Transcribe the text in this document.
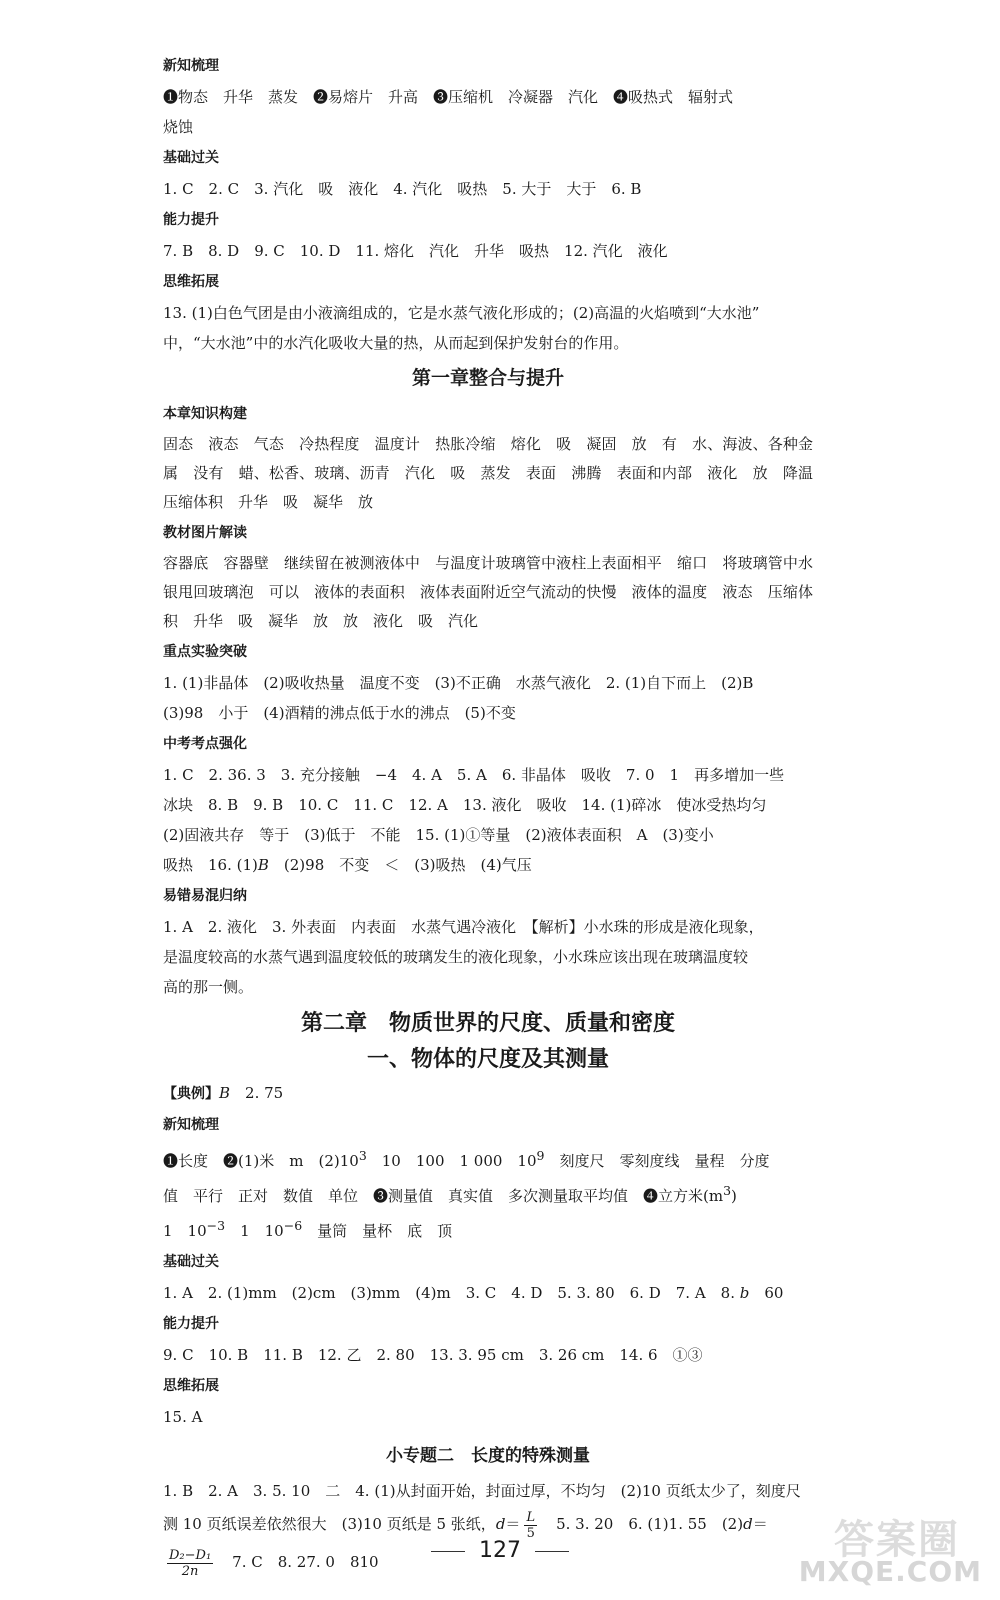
新知梳理

❶物态　升华　蒸发　❷易熔片　升高　❸压缩机　冷凝器　汽化　❹吸热式　辐射式

烧蚀

基础过关

1. C　2. C　3. 汽化　吸　液化　4. 汽化　吸热　5. 大于　大于　6. B

能力提升

7. B　8. D　9. C　10. D　11. 熔化　汽化　升华　吸热　12. 汽化　液化

思维拓展

13. (1)白色气团是由小液滴组成的，它是水蒸气液化形成的；(2)高温的火焰喷到“大水池”

中，“大水池”中的水汽化吸收大量的热，从而起到保护发射台的作用。

第一章整合与提升
本章知识构建

固态　液态　气态　冷热程度　温度计　热胀冷缩　熔化　吸　凝固　放　有　水、海波、各种金属　没有　蜡、松香、玻璃、沥青　汽化　吸　蒸发　表面　沸腾　表面和内部　液化　放　降温　压缩体积　升华　吸　凝华　放

教材图片解读

容器底　容器壁　继续留在被测液体中　与温度计玻璃管中液柱上表面相平　缩口　将玻璃管中水银甩回玻璃泡　可以　液体的表面积　液体表面附近空气流动的快慢　液体的温度　液态　压缩体积　升华　吸　凝华　放　放　液化　吸　汽化

重点实验突破

1. (1)非晶体　(2)吸收热量　温度不变　(3)不正确　水蒸气液化　2. (1)自下而上　(2)B

(3)98　小于　(4)酒精的沸点低于水的沸点　(5)不变

中考考点强化

1. C　2. 36. 3　3. 充分接触　−4　4. A　5. A　6. 非晶体　吸收　7. 0　1　再多增加一些

冰块　8. B　9. B　10. C　11. C　12. A　13. 液化　吸收　14. (1)碎冰　使冰受热均匀

(2)固液共存　等于　(3)低于　不能　15. (1)①等量　(2)液体表面积　A　(3)变小

吸热　16. (1)B　(2)98　不变　＜　(3)吸热　(4)气压

易错易混归纳

1. A　2. 液化　3. 外表面　内表面　水蒸气遇冷液化　【解析】小水珠的形成是液化现象，

是温度较高的水蒸气遇到温度较低的玻璃发生的液化现象，小水珠应该出现在玻璃温度较

高的那一侧。

第二章　物质世界的尺度、质量和密度
一、物体的尺度及其测量

【典例】B　2. 75

新知梳理

❶长度　❷(1)米　m　$(2)10^3$　10　100　1 000　$10^9$　刻度尺　零刻度线　量程　分度

值　平行　正对　数值　单位　❸测量值　真实值　多次测量取平均值　❹立方米$(m^3)$

1　$10^{-3}$　1　$10^{-6}$　量筒　量杯　底　顶

基础过关

1. A　2. (1)mm　(2)cm　(3)mm　(4)m　3. C　4. D　5. 3. 80　6. D　7. A　8. b　60

能力提升

9. C　10. B　11. B　12. 乙　2. 80　13. 3. 95 cm　3. 26 cm　14. 6　①③

思维拓展

15. A

小专题二　长度的特殊测量

1. B　2. A　3. 5. 10　二　4. (1)从封面开始，封面过厚，不均匀　(2)10 页纸太少了，刻度尺

测 10 页纸误差依然很大　(3)10 页纸是 5 张纸，$d= \frac{L}{5}$ 　5. 3. 20　6. (1)1. 55　(2)d＝

$\frac{\text{D₂−D₁}}{2n}$ 　7. C　8. 27. 0　810	127	答案圈
MXQE.COM
